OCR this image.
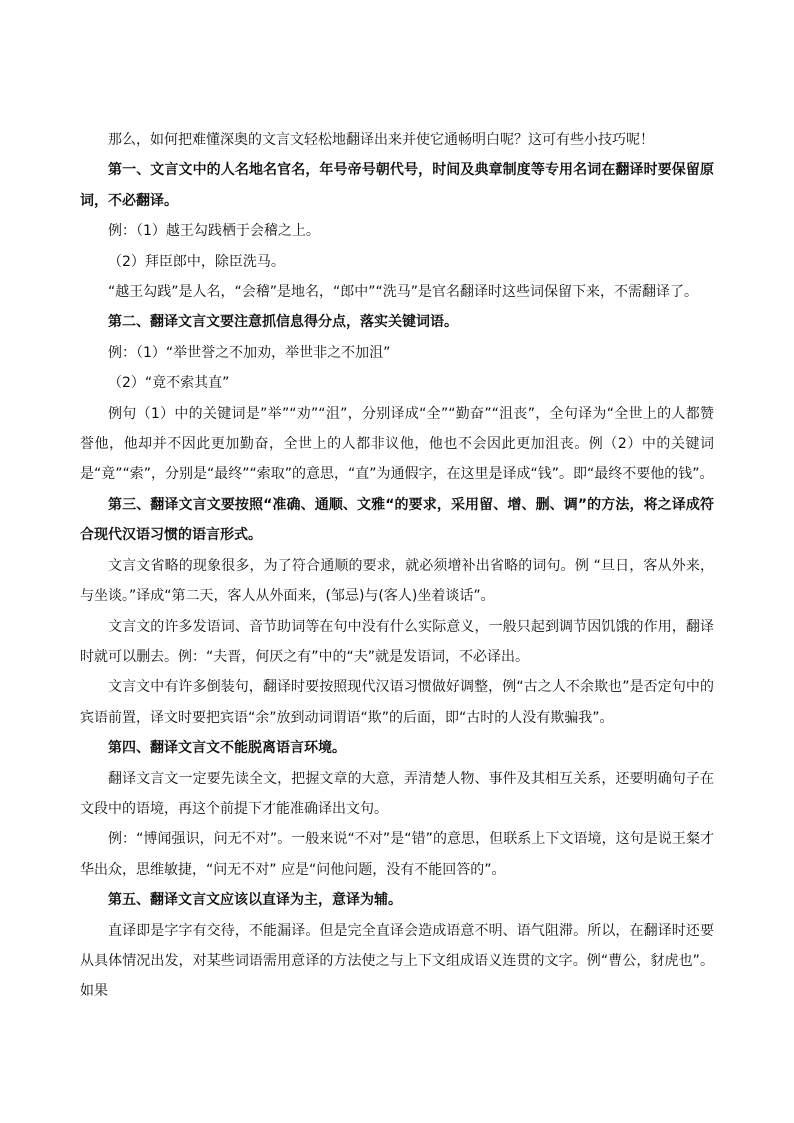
那么，如何把难懂深奥的文言文轻松地翻译出来并使它通畅明白呢？这可有些小技巧呢！

第一、文言文中的人名地名官名，年号帝号朝代号，时间及典章制度等专用名词在翻译时要保留原词，不必翻译。

例：（1）越王勾践栖于会稽之上。

（2）拜臣郎中，除臣洗马。

“越王勾践”是人名，“会稽”是地名，“郎中”“洗马”是官名翻译时这些词保留下来，不需翻译了。

第二、翻译文言文要注意抓信息得分点，落实关键词语。

例：（1）“举世誉之不加劝，举世非之不加沮”

（2）“竟不索其直”

例句（1）中的关键词是”举”“劝”“沮”，分别译成“全”“勤奋”“沮丧”，全句译为“全世上的人都赞誉他，他却并不因此更加勤奋，全世上的人都非议他，他也不会因此更加沮丧。例（2）中的关键词是“竟”“索”，分别是“最终”“索取”的意思，“直”为通假字，在这里是译成“钱”。即“最终不要他的钱”。

第三、翻译文言文要按照“准确、通顺、文雅“的要求，采用留、增、删、调”的方法，将之译成符合现代汉语习惯的语言形式。

文言文省略的现象很多，为了符合通顺的要求，就必须增补出省略的词句。例 “旦日，客从外来，与坐谈。”译成“第二天，客人从外面来，(邹忌)与(客人)坐着谈话”。

文言文的许多发语词、音节助词等在句中没有什么实际意义，一般只起到调节因饥饿的作用，翻译时就可以删去。例：“夫晋，何厌之有”中的“夫”就是发语词，不必译出。

文言文中有许多倒装句，翻译时要按照现代汉语习惯做好调整，例“古之人不余欺也”是否定句中的宾语前置，译文时要把宾语“余”放到动词谓语“欺”的后面，即“古时的人没有欺骗我”。

第四、翻译文言文不能脱离语言环境。

翻译文言文一定要先读全文，把握文章的大意，弄清楚人物、事件及其相互关系，还要明确句子在文段中的语境，再这个前提下才能准确译出文句。

例：“博闻强识，问无不对”。一般来说“不对”是“错”的意思，但联系上下文语境，这句是说王粲才华出众，思维敏捷，“问无不对” 应是“问他问题，没有不能回答的”。

第五、翻译文言文应该以直译为主，意译为辅。

直译即是字字有交待，不能漏译。但是完全直译会造成语意不明、语气阻滞。所以，在翻译时还要从具体情况出发，对某些词语需用意译的方法使之与上下文组成语义连贯的文字。例“曹公，豺虎也”。如果
